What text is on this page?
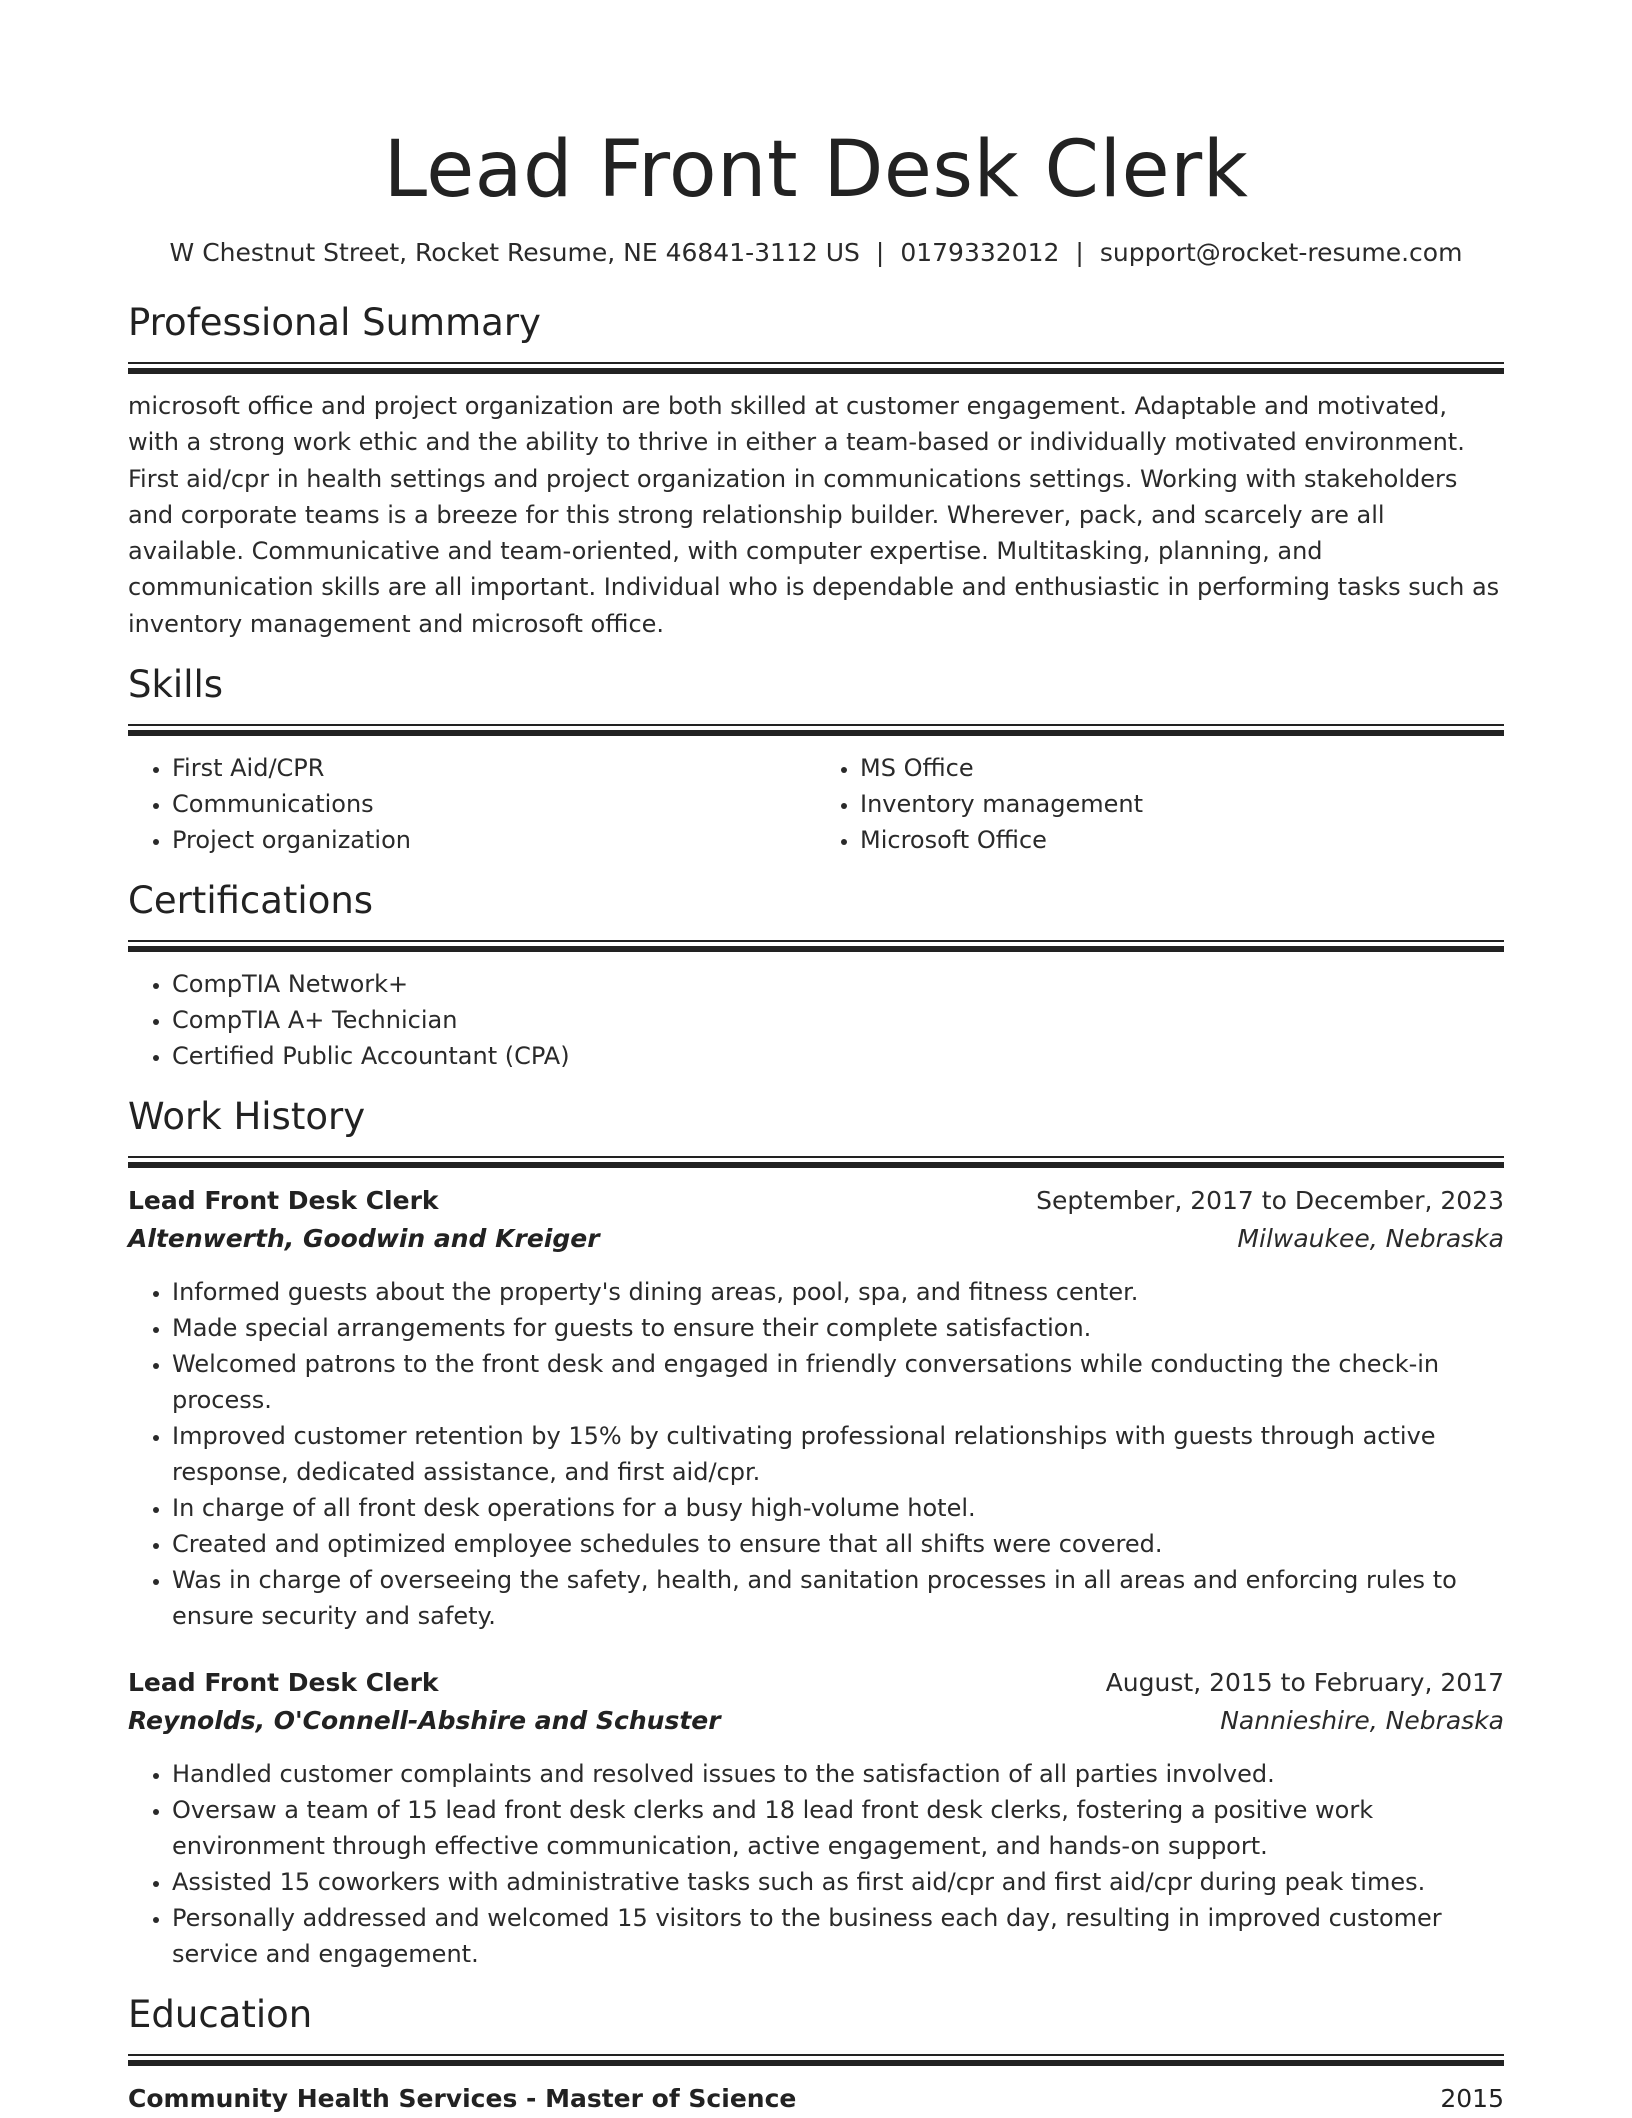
Lead Front Desk Clerk
W Chestnut Street, Rocket Resume, NE 46841-3112 US | 0179332012 | support@rocket-resume.com
Professional Summary

microsoft office and project organization are both skilled at customer engagement. Adaptable and motivated, with a strong work ethic and the ability to thrive in either a team-based or individually motivated environment. First aid/cpr in health settings and project organization in communications settings. Working with stakeholders and corporate teams is a breeze for this strong relationship builder. Wherever, pack, and scarcely are all available. Communicative and team-oriented, with computer expertise. Multitasking, planning, and communication skills are all important. Individual who is dependable and enthusiastic in performing tasks such as inventory management and microsoft office.

Skills
• First Aid/CPR
• Communications
• Project organization
• MS Office
• Inventory management
• Microsoft Office
Certifications
• CompTIA Network+
• CompTIA A+ Technician
• Certified Public Accountant (CPA)
Work History
Lead Front Desk Clerk	September, 2017 to December, 2023
Altenwerth, Goodwin and Kreiger	Milwaukee, Nebraska
• Informed guests about the property's dining areas, pool, spa, and fitness center.
• Made special arrangements for guests to ensure their complete satisfaction.
• Welcomed patrons to the front desk and engaged in friendly conversations while conducting the check-in process.
• Improved customer retention by 15% by cultivating professional relationships with guests through active response, dedicated assistance, and first aid/cpr.
• In charge of all front desk operations for a busy high-volume hotel.
• Created and optimized employee schedules to ensure that all shifts were covered.
• Was in charge of overseeing the safety, health, and sanitation processes in all areas and enforcing rules to ensure security and safety.
Lead Front Desk Clerk	August, 2015 to February, 2017
Reynolds, O'Connell-Abshire and Schuster	Nannieshire, Nebraska
• Handled customer complaints and resolved issues to the satisfaction of all parties involved.
• Oversaw a team of 15 lead front desk clerks and 18 lead front desk clerks, fostering a positive work environment through effective communication, active engagement, and hands-on support.
• Assisted 15 coworkers with administrative tasks such as first aid/cpr and first aid/cpr during peak times.
• Personally addressed and welcomed 15 visitors to the business each day, resulting in improved customer service and engagement.
Education
Community Health Services - Master of Science	2015
